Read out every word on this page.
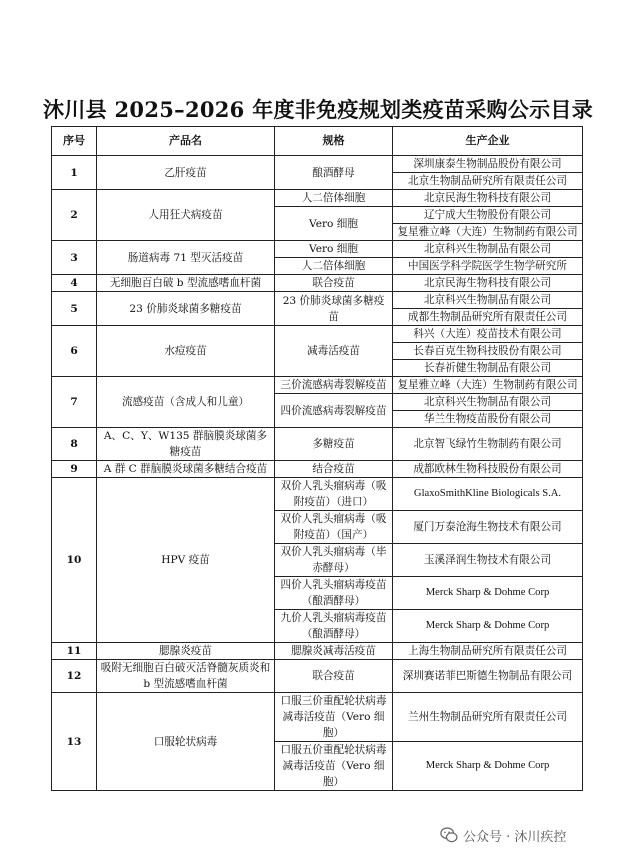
沐川县 2025–2026 年度非免疫规划类疫苗采购公示目录
序号	产品名	规格	生产企业
1	乙肝疫苗	酿酒酵母	深圳康泰生物制品股份有限公司
			北京生物制品研究所有限责任公司
2	人用狂犬病疫苗	人二倍体细胞	北京民海生物科技有限公司
		Vero 细胞	辽宁成大生物股份有限公司
			复星雅立峰（大连）生物制药有限公司
3	肠道病毒 71 型灭活疫苗	Vero 细胞	北京科兴生物制品有限公司
		人二倍体细胞	中国医学科学院医学生物学研究所
4	无细胞百白破 b 型流感嗜血杆菌	联合疫苗	北京民海生物科技有限公司
5	23 价肺炎球菌多糖疫苗	23 价肺炎球菌多糖疫苗	北京科兴生物制品有限公司
			成都生物制品研究所有限责任公司
6	水痘疫苗	减毒活疫苗	科兴（大连）疫苗技术有限公司
			长春百克生物科技股份有限公司
			长春祈健生物制品有限公司
7	流感疫苗（含成人和儿童）	三价流感病毒裂解疫苗	复星雅立峰（大连）生物制药有限公司
		四价流感病毒裂解疫苗	北京科兴生物制品有限公司
			华兰生物疫苗股份有限公司
8	A、C、Y、W135 群脑膜炎球菌多糖疫苗	多糖疫苗	北京智飞绿竹生物制药有限公司
9	A 群 C 群脑膜炎球菌多糖结合疫苗	结合疫苗	成都欧林生物科技股份有限公司
10	HPV 疫苗	双价人乳头瘤病毒（吸附疫苗）（进口）	GlaxoSmithKline Biologicals S.A.
		双价人乳头瘤病毒（吸附疫苗）（国产）	厦门万泰沧海生物技术有限公司
		双价人乳头瘤病毒（毕赤酵母）	玉溪泽润生物技术有限公司
		四价人乳头瘤病毒疫苗（酿酒酵母）	Merck Sharp & Dohme Corp
		九价人乳头瘤病毒疫苗（酿酒酵母）	Merck Sharp & Dohme Corp
11	腮腺炎疫苗	腮腺炎减毒活疫苗	上海生物制品研究所有限责任公司
12	吸附无细胞百白破灭活脊髓灰质炎和 b 型流感嗜血杆菌	联合疫苗	深圳赛诺菲巴斯德生物制品有限公司
13	口服轮状病毒	口服三价重配轮状病毒减毒活疫苗（Vero 细胞）	兰州生物制品研究所有限责任公司
		口服五价重配轮状病毒减毒活疫苗（Vero 细胞）	Merck Sharp & Dohme Corp
公众号 · 沐川疾控
